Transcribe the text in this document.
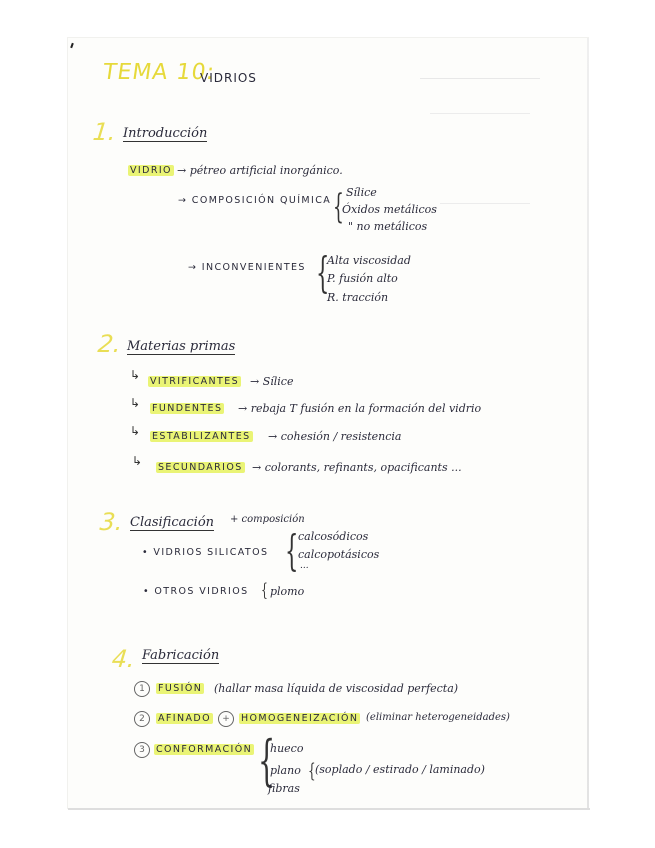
TEMA 10:
VIDRIOS
1. Introducción
VIDRIO → pétreo artificial inorgánico.
→ COMPOSICIÓN QUÍMICA { Sílice
Óxidos metálicos
" no metálicos
→ INCONVENIENTES {
Alta viscosidad
P. fusión alto
R. tracción
2. Materias primas
↳ VITRIFICANTES → Sílice
↳ FUNDENTES → rebaja T fusión en la formación del vidrio
↳ ESTABILIZANTES → cohesión / resistencia
↳ SECUNDARIOS → colorants, refinants, opacificants ...
3. Clasificación + composición
• VIDRIOS SILICATOS { calcosódicos
calcopotásicos
...
• OTROS VIDRIOS { plomo
4. Fabricación
1	FUSIÓN (hallar masa líquida de viscosidad perfecta)
2	AFINADO	+	HOMOGENEIZACIÓN (eliminar heterogeneidades)
3	CONFORMACIÓN {
hueco
plano
fibras
{ (soplado / estirado / laminado)
